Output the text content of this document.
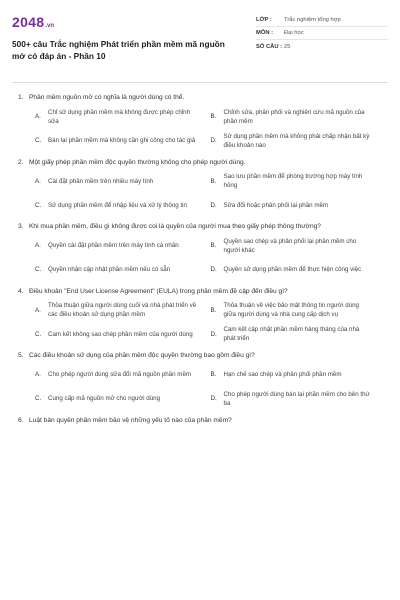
2048 .vn
500+ câu Trắc nghiệm Phát triển phần mềm mã nguồn mở có đáp án - Phần 10
LỚP :	Trắc nghiệm tổng hợp
MÔN :	Đại học
SỐ CÂU : 25
1. Phần mềm nguồn mở có nghĩa là người dùng có thể.
A.
Chỉ sử dụng phần mềm mà không được phép chỉnh sửa
B.
Chỉnh sửa, phân phối và nghiên cứu mã nguồn của phần mềm
C.	Bán lại phần mềm mà không cần ghi công cho tác giả	D.
Sử dụng phần mềm mà không phải chấp nhận bất kỳ điều khoản nào
2. Một giấy phép phần mềm độc quyền thường không cho phép người dùng.
A.	Cài đặt phần mềm trên nhiều máy tính	B.
Sao lưu phần mềm để phòng trường hợp máy tính hỏng
C.	Sử dụng phần mềm để nhập liệu và xử lý thông tin	D.	Sửa đổi hoặc phân phối lại phần mềm
3. Khi mua phần mềm, điều gì không được coi là quyền của người mua theo giấy phép thông thường?
A.	Quyền cài đặt phần mềm trên máy tính cá nhân	B.
Quyền sao chép và phân phối lại phần mềm cho người khác
C.	Quyền nhận cập nhật phần mềm nếu có sẵn	D.	Quyền sử dụng phần mềm để thực hiện công việc
4. Điều khoản "End User License Agreement" (EULA) trong phần mềm đề cập đến điều gì?
A.
Thỏa thuận giữa người dùng cuối và nhà phát triển về các điều khoản sử dụng phần mềm
B.
Thỏa thuận về việc bảo mật thông tin người dùng giữa người dùng và nhà cung cấp dịch vụ
C.	Cam kết không sao chép phần mềm của người dùng	D.
Cam kết cập nhật phần mềm hàng tháng của nhà phát triển
5. Các điều khoản sử dụng của phần mềm độc quyền thường bao gồm điều gì?
A.	Cho phép người dùng sửa đổi mã nguồn phần mềm	B.	Hạn chế sao chép và phân phối phần mềm
C.	Cung cấp mã nguồn mở cho người dùng	D.
Cho phép người dùng bán lại phần mềm cho bên thứ ba
6. Luật bản quyền phần mềm bảo vệ những yếu tố nào của phần mềm?
